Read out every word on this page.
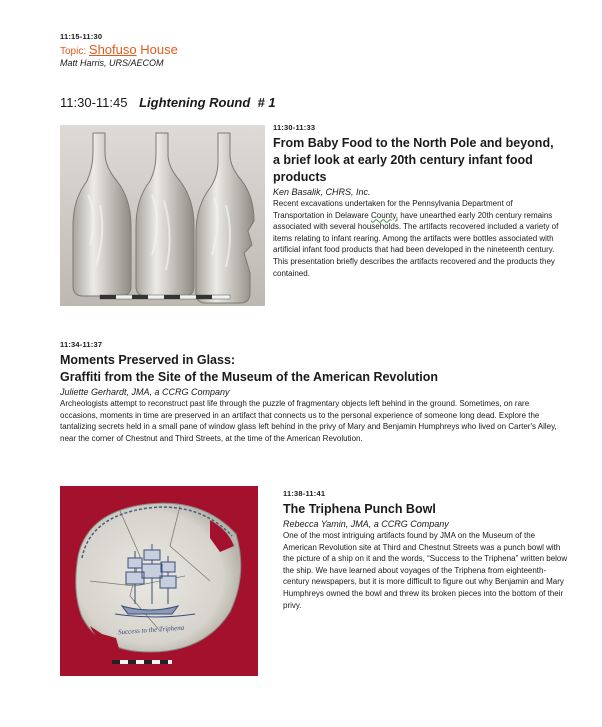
11:15-11:30
Topic: Shofuso House
Matt Harris, URS/AECOM
11:30-11:45 Lightening Round  # 1
11:30-11:33
From Baby Food to the North Pole and beyond, a brief look at early 20th century infant food products
Ken Basalik, CHRS, Inc.
Recent excavations undertaken for the Pennsylvania Department of Transportation in Delaware County, have unearthed early 20th century remains associated with several households. The artifacts recovered included a variety of items relating to infant rearing. Among the artifacts were bottles associated with artificial infant food products that had been developed in the nineteenth century. This presentation briefly describes the artifacts recovered and the products they contained.
11:34-11:37
Moments Preserved in Glass:
Graffiti from the Site of the Museum of the American Revolution
Juliette Gerhardt, JMA, a CCRG Company
Archeologists attempt to reconstruct past life through the puzzle of fragmentary objects left behind in the ground. Sometimes, on rare occasions, moments in time are preserved in an artifact that connects us to the personal experience of someone long dead. Explore the tantalizing secrets held in a small pane of window glass left behind in the privy of Mary and Benjamin Humphreys who lived on Carter's Alley, near the corner of Chestnut and Third Streets, at the time of the American Revolution.
Success to the Triphena
11:38-11:41
The Triphena Punch Bowl
Rebecca Yamin, JMA, a CCRG Company
One of the most intriguing artifacts found by JMA on the Museum of the American Revolution site at Third and Chestnut Streets was a punch bowl with the picture of a ship on it and the words, “Success to the Triphena” written below the ship. We have learned about voyages of the Triphena from eighteenth-century newspapers, but it is more difficult to figure out why Benjamin and Mary Humphreys owned the bowl and threw its broken pieces into the bottom of their privy.
